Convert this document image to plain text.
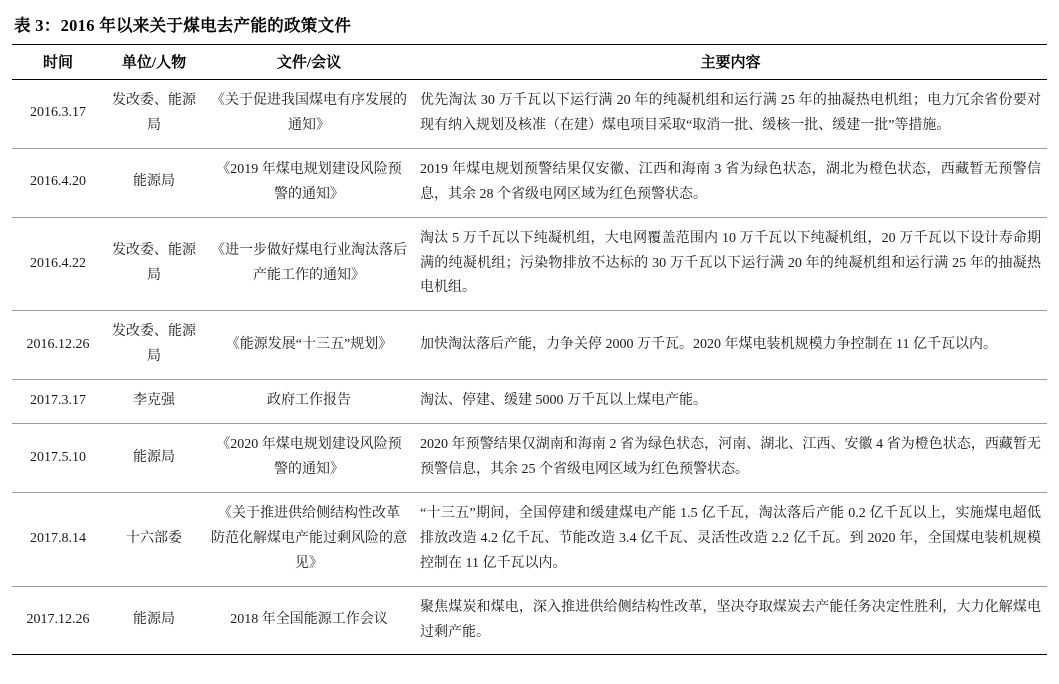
表 3：2016 年以来关于煤电去产能的政策文件
时间	单位/人物	文件/会议	主要内容
2016.3.17	发改委、能源局	《关于促进我国煤电有序发展的通知》	优先淘汰 30 万千瓦以下运行满 20 年的纯凝机组和运行满 25 年的抽凝热电机组；电力冗余省份要对现有纳入规划及核准（在建）煤电项目采取“取消一批、缓核一批、缓建一批”等措施。
2016.4.20	能源局	《2019 年煤电规划建设风险预警的通知》	2019 年煤电规划预警结果仅安徽、江西和海南 3 省为绿色状态，湖北为橙色状态，西藏暂无预警信息，其余 28 个省级电网区域为红色预警状态。
2016.4.22	发改委、能源局	《进一步做好煤电行业淘汰落后产能工作的通知》	淘汰 5 万千瓦以下纯凝机组，大电网覆盖范围内 10 万千瓦以下纯凝机组，20 万千瓦以下设计寿命期满的纯凝机组；污染物排放不达标的 30 万千瓦以下运行满 20 年的纯凝机组和运行满 25 年的抽凝热电机组。
2016.12.26	发改委、能源局	《能源发展“十三五”规划》	加快淘汰落后产能，力争关停 2000 万千瓦。2020 年煤电装机规模力争控制在 11 亿千瓦以内。
2017.3.17	李克强	政府工作报告	淘汰、停建、缓建 5000 万千瓦以上煤电产能。
2017.5.10	能源局	《2020 年煤电规划建设风险预警的通知》	2020 年预警结果仅湖南和海南 2 省为绿色状态，河南、湖北、江西、安徽 4 省为橙色状态，西藏暂无预警信息，其余 25 个省级电网区域为红色预警状态。
2017.8.14	十六部委	《关于推进供给侧结构性改革 防范化解煤电产能过剩风险的意见》	“十三五”期间，全国停建和缓建煤电产能 1.5 亿千瓦，淘汰落后产能 0.2 亿千瓦以上，实施煤电超低排放改造 4.2 亿千瓦、节能改造 3.4 亿千瓦、灵活性改造 2.2 亿千瓦。到 2020 年，全国煤电装机规模控制在 11 亿千瓦以内。
2017.12.26	能源局	2018 年全国能源工作会议	聚焦煤炭和煤电，深入推进供给侧结构性改革，坚决夺取煤炭去产能任务决定性胜利，大力化解煤电过剩产能。
